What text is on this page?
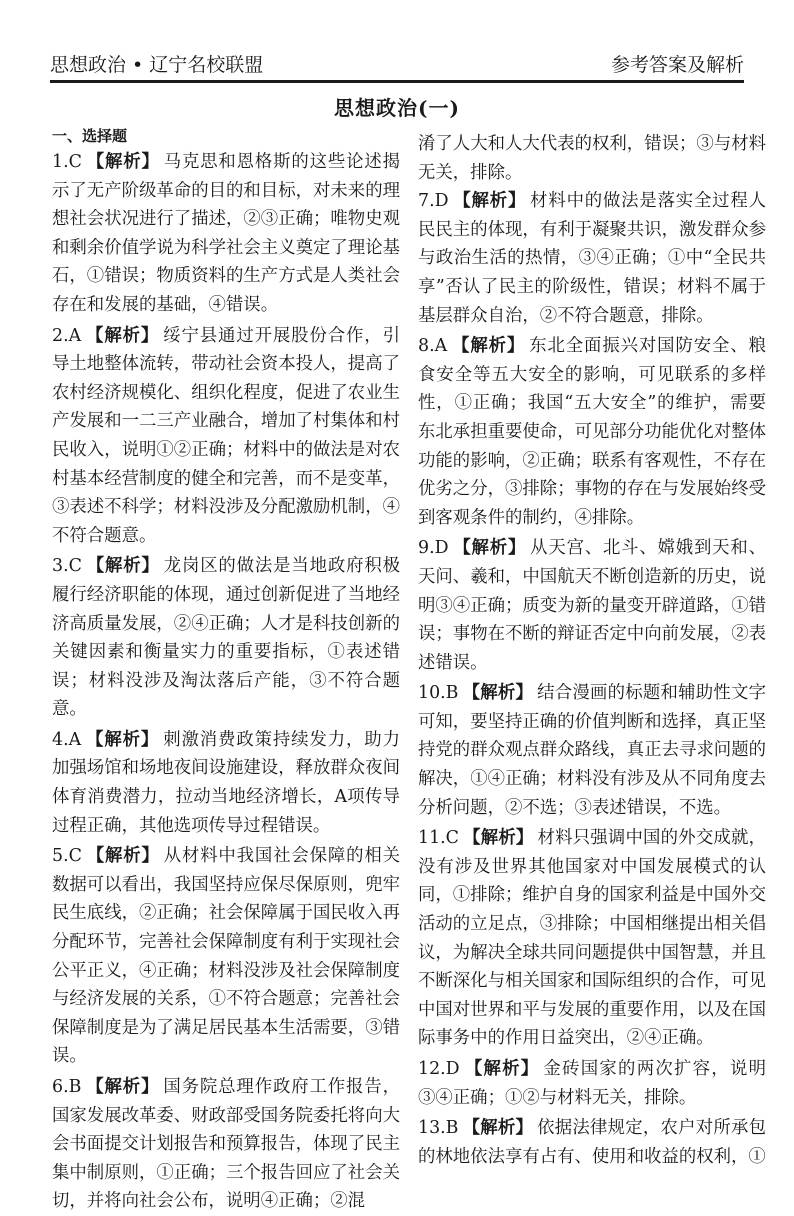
思想政治 • 辽宁名校联盟	参考答案及解析
思想政治(一)
一、选择题
1.C 【解析】 马克思和恩格斯的这些论述揭示了无产阶级革命的目的和目标，对未来的理想社会状况进行了描述，②③正确；唯物史观和剩余价值学说为科学社会主义奠定了理论基石，①错误；物质资料的生产方式是人类社会存在和发展的基础，④错误。
2.A 【解析】 绥宁县通过开展股份合作，引导土地整体流转，带动社会资本投人，提高了农村经济规模化、组织化程度，促进了农业生产发展和一二三产业融合，增加了村集体和村民收入，说明①②正确；材料中的做法是对农村基本经营制度的健全和完善，而不是变革，③表述不科学；材料没涉及分配激励机制，④不符合题意。
3.C 【解析】 龙岗区的做法是当地政府积极履行经济职能的体现，通过创新促进了当地经济高质量发展，②④正确；人才是科技创新的关键因素和衡量实力的重要指标，①表述错误；材料没涉及淘汰落后产能，③不符合题意。
4.A 【解析】 刺激消费政策持续发力，助力加强场馆和场地夜间设施建设，释放群众夜间体育消费潜力，拉动当地经济增长，A项传导过程正确，其他选项传导过程错误。
5.C 【解析】 从材料中我国社会保障的相关数据可以看出，我国坚持应保尽保原则，兜牢民生底线，②正确；社会保障属于国民收入再分配环节，完善社会保障制度有利于实现社会公平正义，④正确；材料没涉及社会保障制度与经济发展的关系，①不符合题意；完善社会保障制度是为了满足居民基本生活需要，③错误。
6.B 【解析】 国务院总理作政府工作报告，国家发展改革委、财政部受国务院委托将向大会书面提交计划报告和预算报告，体现了民主集中制原则，①正确；三个报告回应了社会关切，并将向社会公布，说明④正确；②混
淆了人大和人大代表的权利，错误；③与材料无关，排除。
7.D 【解析】 材料中的做法是落实全过程人民民主的体现，有利于凝聚共识，激发群众参与政治生活的热情，③④正确；①中“全民共享”否认了民主的阶级性，错误；材料不属于基层群众自治，②不符合题意，排除。
8.A 【解析】 东北全面振兴对国防安全、粮食安全等五大安全的影响，可见联系的多样性，①正确；我国“五大安全”的维护，需要东北承担重要使命，可见部分功能优化对整体功能的影响，②正确；联系有客观性，不存在优劣之分，③排除；事物的存在与发展始终受到客观条件的制约，④排除。
9.D 【解析】 从天宫、北斗、嫦娥到天和、天问、羲和，中国航天不断创造新的历史，说明③④正确；质变为新的量变开辟道路，①错误；事物在不断的辩证否定中向前发展，②表述错误。
10.B 【解析】 结合漫画的标题和辅助性文字可知，要坚持正确的价值判断和选择，真正坚持党的群众观点群众路线，真正去寻求问题的解决，①④正确；材料没有涉及从不同角度去分析问题，②不选；③表述错误，不选。
11.C 【解析】 材料只强调中国的外交成就，没有涉及世界其他国家对中国发展模式的认同，①排除；维护自身的国家利益是中国外交活动的立足点，③排除；中国相继提出相关倡议，为解决全球共同问题提供中国智慧，并且不断深化与相关国家和国际组织的合作，可见中国对世界和平与发展的重要作用，以及在国际事务中的作用日益突出，②④正确。
12.D 【解析】 金砖国家的两次扩容，说明③④正确；①②与材料无关，排除。
13.B 【解析】 依据法律规定，农户对所承包的林地依法享有占有、使用和收益的权利，①
